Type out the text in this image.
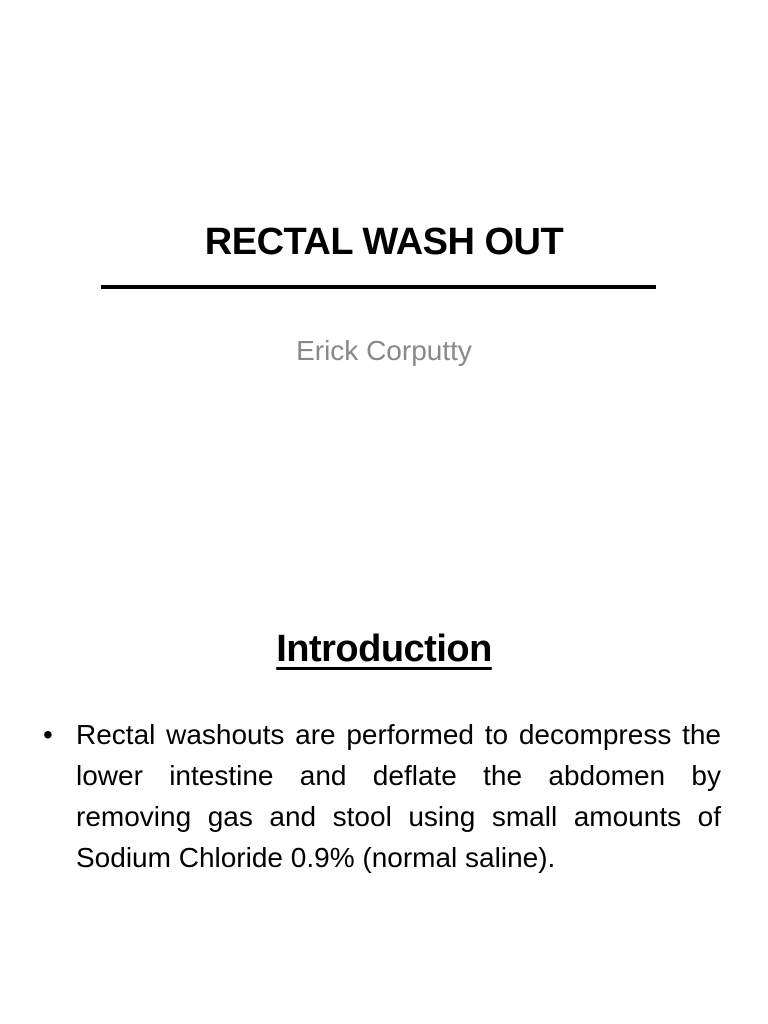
RECTAL WASH OUT

Erick Corputty

Introduction
• Rectal washouts are performed to decompress the lower intestine and deflate the abdomen by removing gas and stool using small amounts of Sodium Chloride 0.9% (normal saline).
